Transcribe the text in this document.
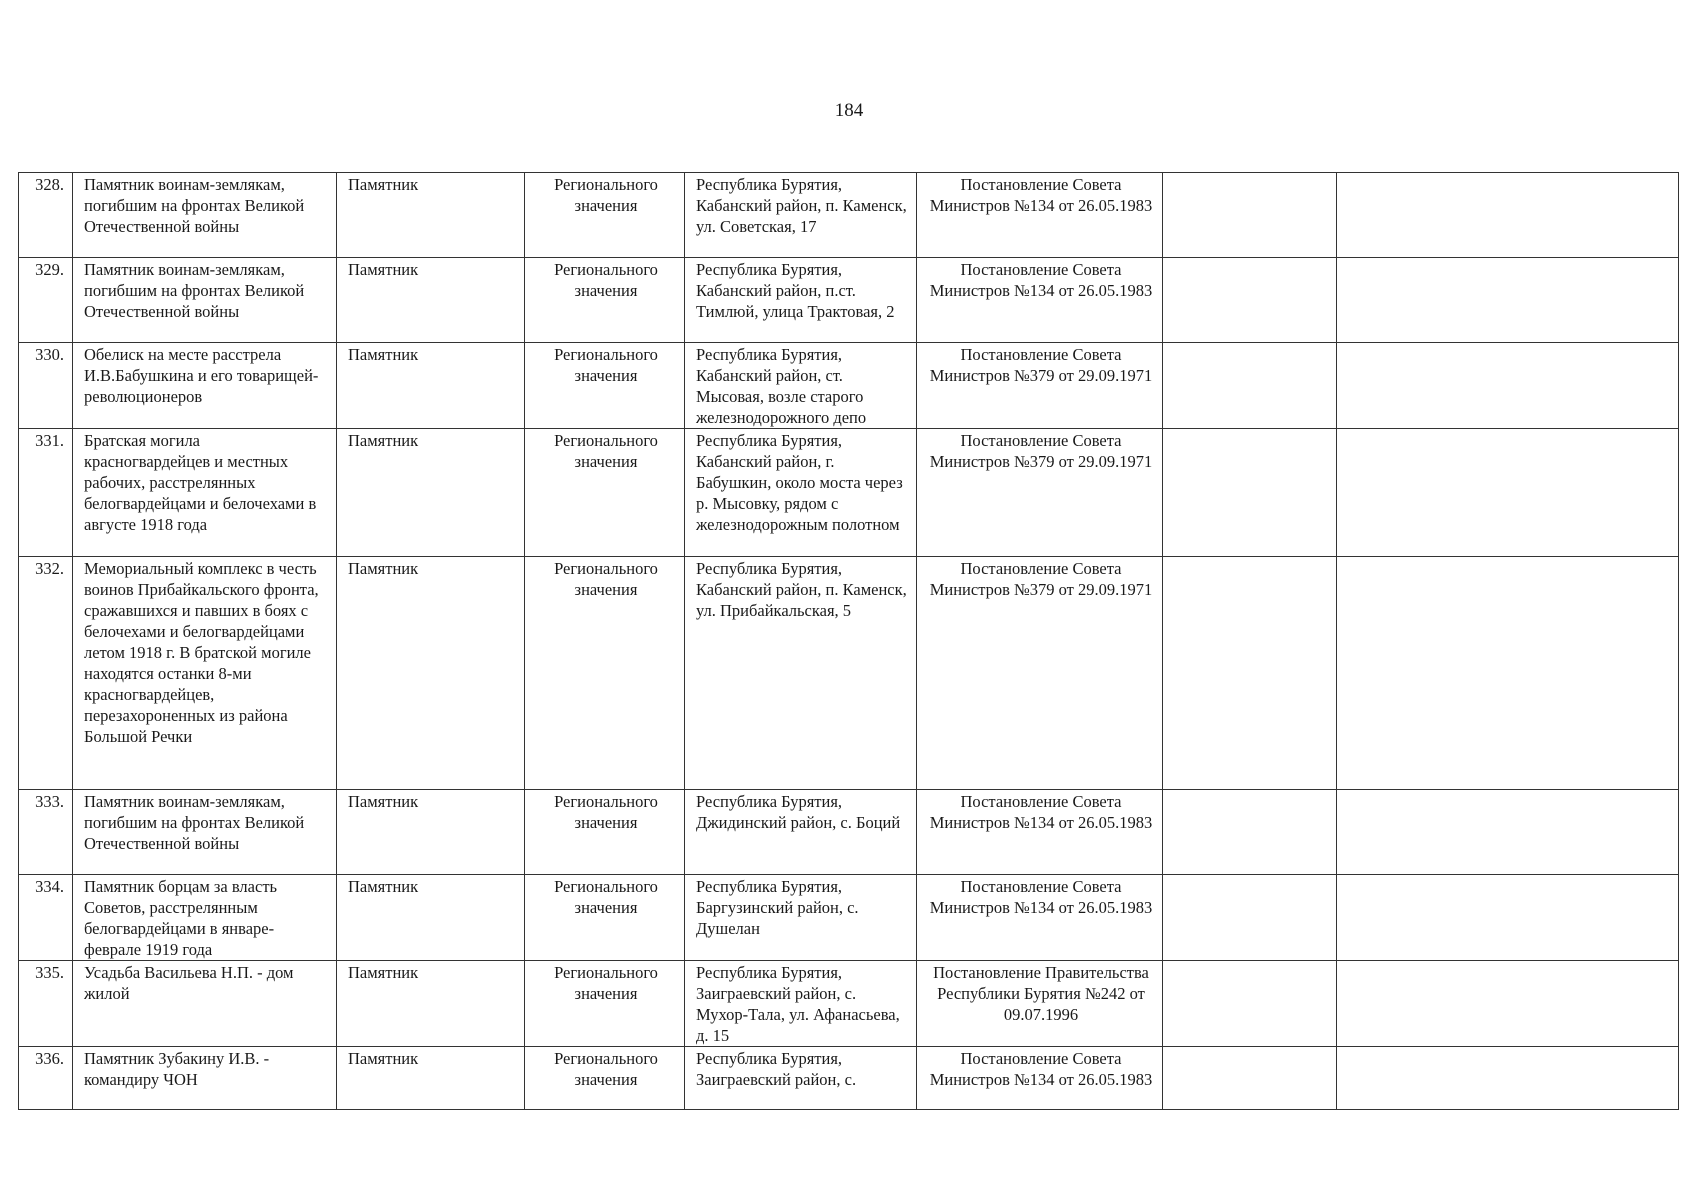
184
328.	Памятник воинам-землякам, погибшим на фронтах Великой Отечественной войны	Памятник	Регионального значения	Республика Бурятия, Кабанский район, п. Каменск, ул. Советская, 17	Постановление Совета Министров №134 от 26.05.1983		
329.	Памятник воинам-землякам, погибшим на фронтах Великой Отечественной войны	Памятник	Регионального значения	Республика Бурятия, Кабанский район, п.ст. Тимлюй, улица Трактовая, 2	Постановление Совета Министров №134 от 26.05.1983		
330.	Обелиск на месте расстрела И.В.Бабушкина и его товарищей-революционеров	Памятник	Регионального значения	Республика Бурятия, Кабанский район, ст. Мысовая, возле старого железнодорожного депо	Постановление Совета Министров №379 от 29.09.1971		
331.	Братская могила красногвардейцев и местных рабочих, расстрелянных белогвардейцами и белочехами в августе 1918 года	Памятник	Регионального значения	Республика Бурятия, Кабанский район, г. Бабушкин, около моста через р. Мысовку, рядом с железнодорожным полотном	Постановление Совета Министров №379 от 29.09.1971		
332.	Мемориальный комплекс в честь воинов Прибайкальского фронта, сражавшихся и павших в боях с белочехами и белогвардейцами летом 1918 г. В братской могиле находятся останки 8-ми красногвардейцев, перезахороненных из района Большой Речки	Памятник	Регионального значения	Республика Бурятия, Кабанский район, п. Каменск, ул. Прибайкальская, 5	Постановление Совета Министров №379 от 29.09.1971		
333.	Памятник воинам-землякам, погибшим на фронтах Великой Отечественной войны	Памятник	Регионального значения	Республика Бурятия, Джидинский район, с. Боций	Постановление Совета Министров №134 от 26.05.1983		
334.	Памятник борцам за власть Советов, расстрелянным белогвардейцами в январе-феврале 1919 года	Памятник	Регионального значения	Республика Бурятия, Баргузинский район, с. Душелан	Постановление Совета Министров №134 от 26.05.1983		
335.	Усадьба Васильева Н.П. - дом жилой	Памятник	Регионального значения	Республика Бурятия, Заиграевский район, с. Мухор-Тала, ул. Афанасьева, д. 15	Постановление Правительства Республики Бурятия №242 от 09.07.1996		
336.	Памятник Зубакину И.В. - командиру ЧОН	Памятник	Регионального значения	Республика Бурятия, Заиграевский район, с.	Постановление Совета Министров №134 от 26.05.1983		
